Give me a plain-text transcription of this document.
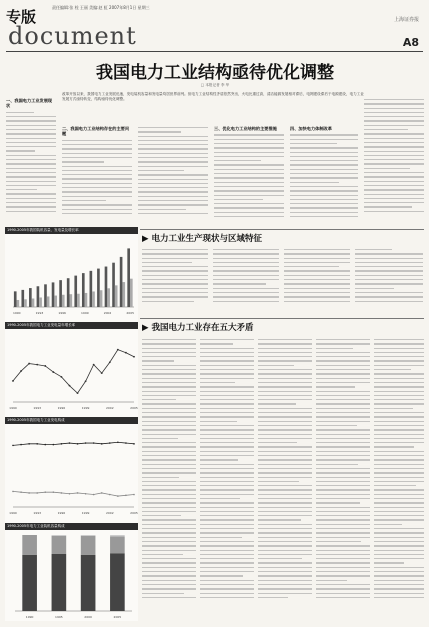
专版
责任编辑:张 栓 王丽 美编:赵 虹 2007年8月1日 星期三
document
上海证券报
A8
我国电力工业结构亟待优化调整
□ 本报记者 李 华
改革开放以来，我国电力工业发展迅速，发电装机容量和发电量均居世界前列。但电力工业结构性矛盾依然突出，火电比重过高，清洁能源发展相对滞后，电网建设滞后于电源建设，电力工业发展方式亟待转变，结构亟待优化调整。
一、我国电力工业发展现状
二、我国电力工业结构存在的主要问题
三、优化电力工业结构的主要措施	四、加快电力体制改革
1990-2005年我国装机容量、发电量及增长率
1990	1993	1996	1999	2002	2005
1990-2005年我国电力工业发电量年增长率
1990	1993	1996	1999	2002	2005
1990-2005年我国电力工业发电构成
1990	1993	1996	1999	2002	2005
1990-2005年电力工业装机容量构成
1990	1995	2000	2005
▶ 电力工业生产现状与区域特征
▶ 我国电力工业存在五大矛盾
